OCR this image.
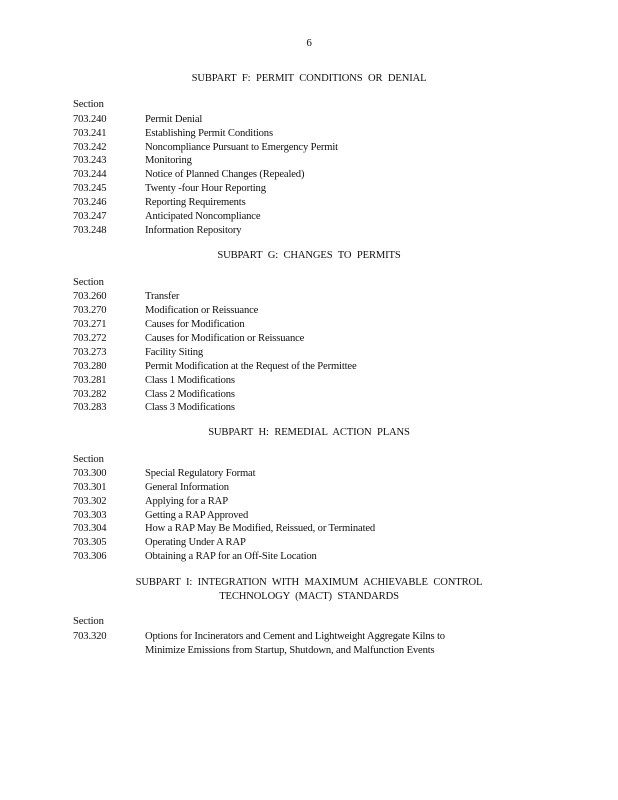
6
SUBPART F: PERMIT CONDITIONS OR DENIAL
Section
703.240	Permit Denial
703.241	Establishing Permit Conditions
703.242	Noncompliance Pursuant to Emergency Permit
703.243	Monitoring
703.244	Notice of Planned Changes (Repealed)
703.245	Twenty -four Hour Reporting
703.246	Reporting Requirements
703.247	Anticipated Noncompliance
703.248	Information Repository
SUBPART G: CHANGES TO PERMITS
Section
703.260	Transfer
703.270	Modification or Reissuance
703.271	Causes for Modification
703.272	Causes for Modification or Reissuance
703.273	Facility Siting
703.280	Permit Modification at the Request of the Permittee
703.281	Class 1 Modifications
703.282	Class 2 Modifications
703.283	Class 3 Modifications
SUBPART H: REMEDIAL ACTION PLANS
Section
703.300	Special Regulatory Format
703.301	General Information
703.302	Applying for a RAP
703.303	Getting a RAP Approved
703.304	How a RAP May Be Modified, Reissued, or Terminated
703.305	Operating Under A RAP
703.306	Obtaining a RAP for an Off-Site Location
SUBPART I: INTEGRATION WITH MAXIMUM ACHIEVABLE CONTROL
TECHNOLOGY (MACT) STANDARDS
Section
703.320	Options for Incinerators and Cement and Lightweight Aggregate Kilns to
Minimize Emissions from Startup, Shutdown, and Malfunction Events
